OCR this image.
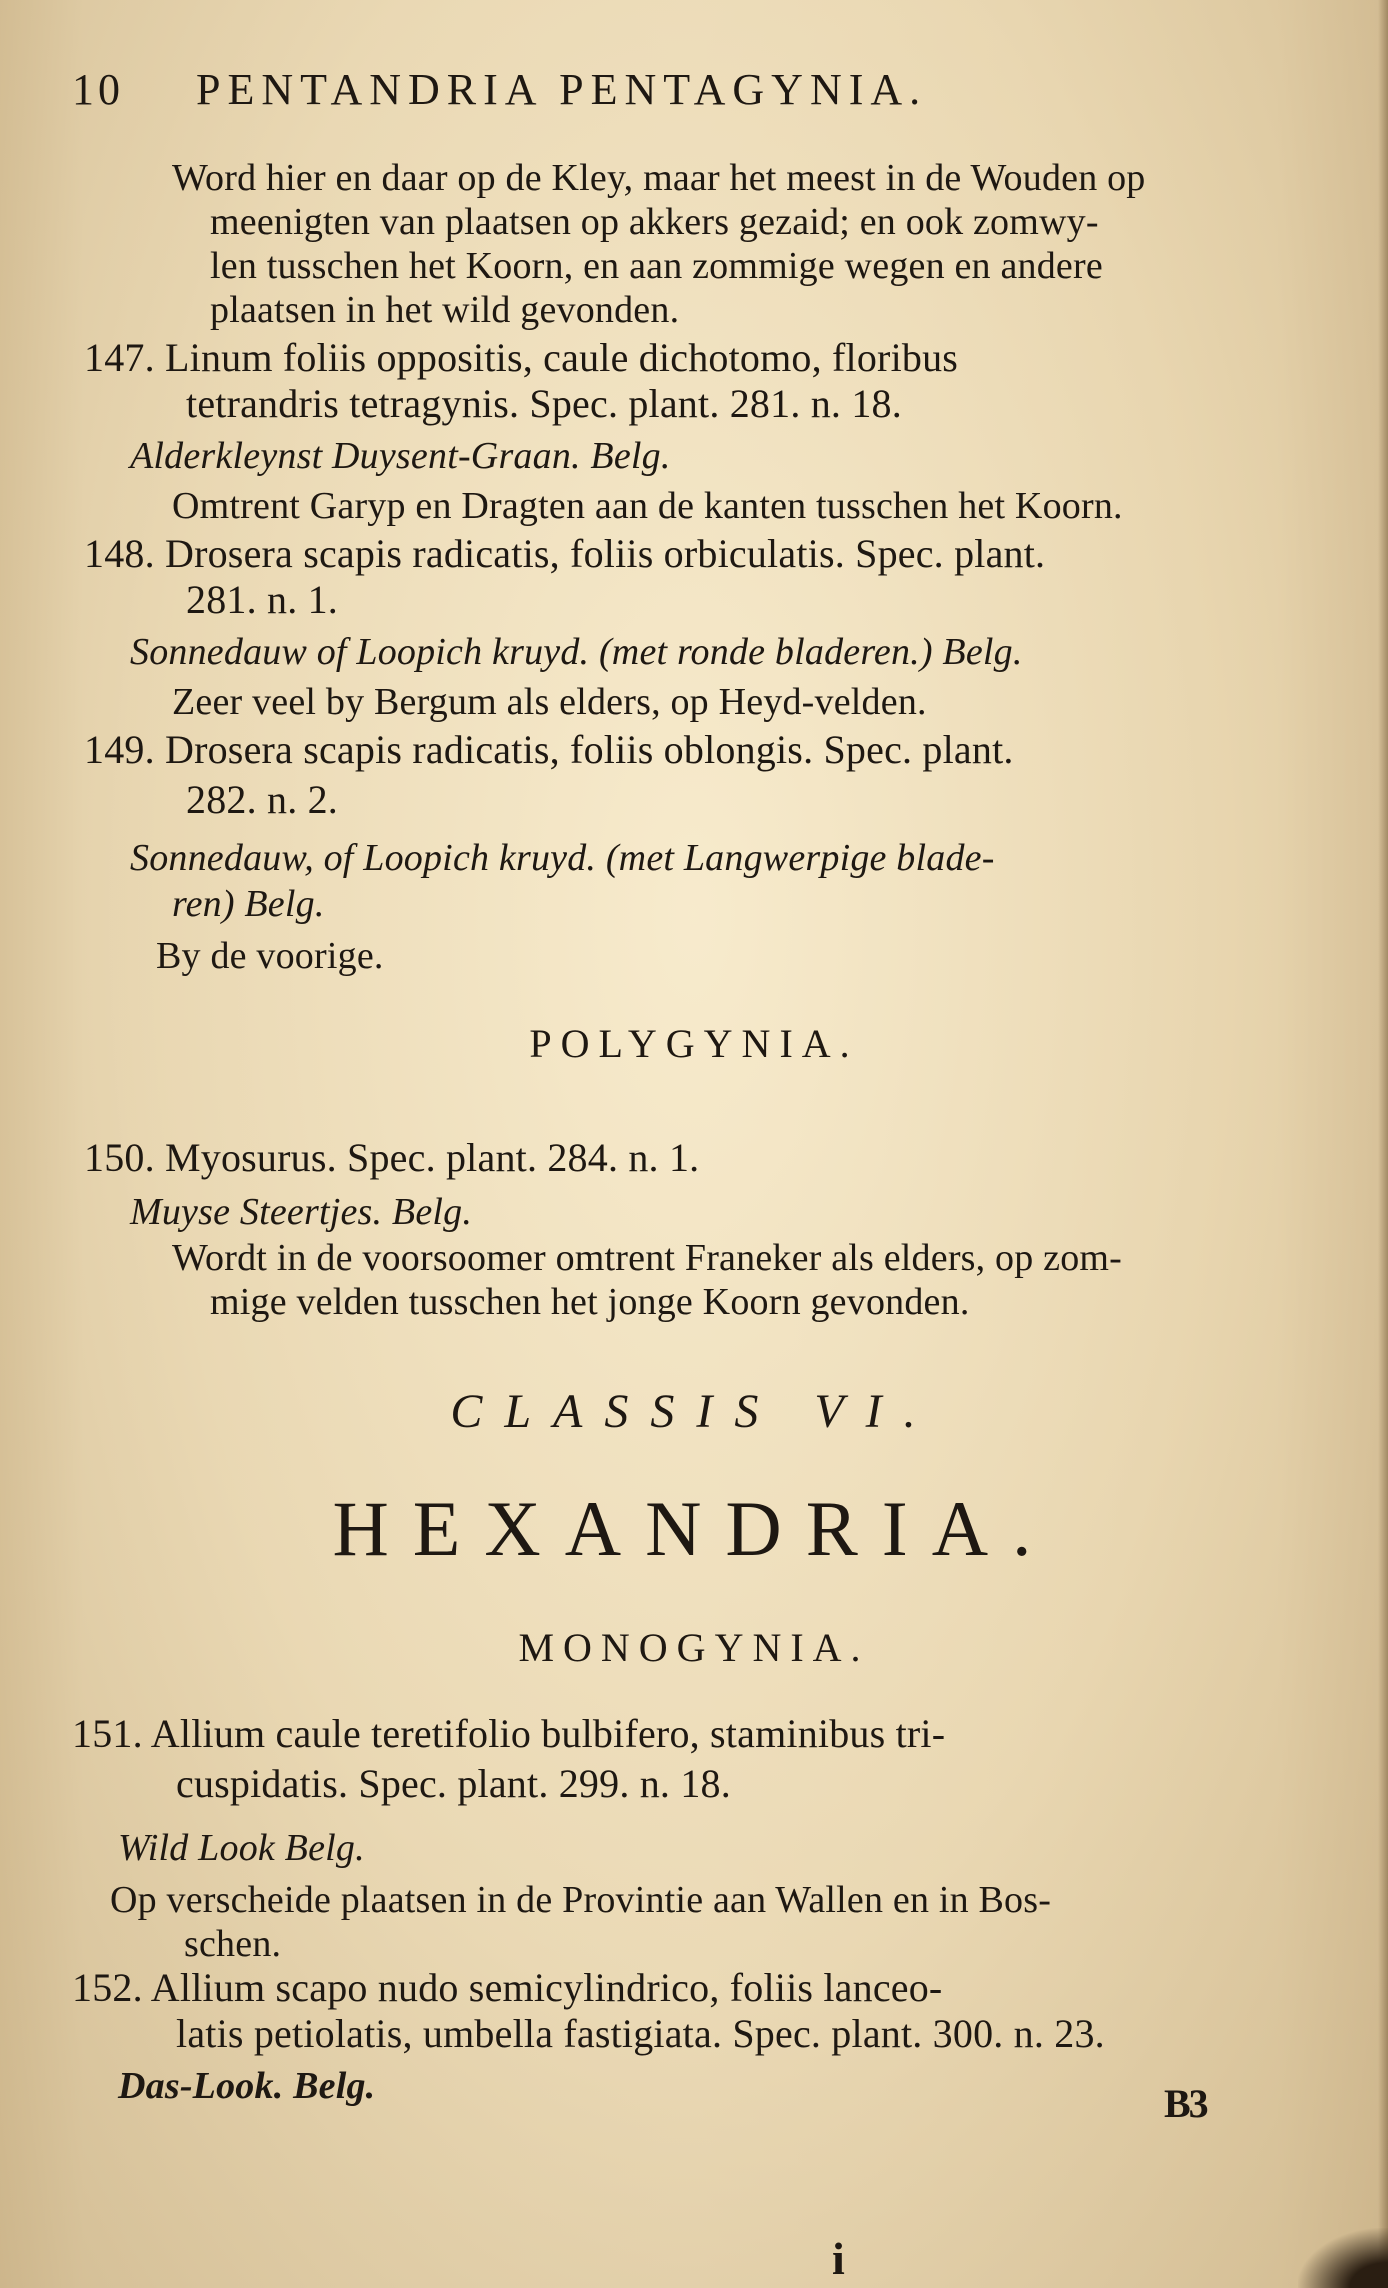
10 PENTANDRIA PENTAGYNIA.
Word hier en daar op de Kley, maar het meest in de Wouden op
meenigten van plaatsen op akkers gezaid; en ook zomwy-
len tusschen het Koorn, en aan zommige wegen en andere
plaatsen in het wild gevonden.
147. Linum foliis oppositis, caule dichotomo, floribus
tetrandris tetragynis. Spec. plant. 281. n. 18.
Alderkleynst Duysent-Graan. Belg.
Omtrent Garyp en Dragten aan de kanten tusschen het Koorn.
148. Drosera scapis radicatis, foliis orbiculatis. Spec. plant.
281. n. 1.
Sonnedauw of Loopich kruyd. (met ronde bladeren.) Belg.
Zeer veel by Bergum als elders, op Heyd-velden.
149. Drosera scapis radicatis, foliis oblongis. Spec. plant.
282. n. 2.
Sonnedauw, of Loopich kruyd. (met Langwerpige blade-
ren) Belg.
By de voorige.
POLYGYNIA.
150. Myosurus. Spec. plant. 284. n. 1.
Muyse Steertjes. Belg.
Wordt in de voorsoomer omtrent Franeker als elders, op zom-
mige velden tusschen het jonge Koorn gevonden.
CLASSIS VI.
HEXANDRIA.
MONOGYNIA.
151. Allium caule teretifolio bulbifero, staminibus tri-
cuspidatis. Spec. plant. 299. n. 18.
Wild Look Belg.
Op verscheide plaatsen in de Provintie aan Wallen en in Bos-
schen.
152. Allium scapo nudo semicylindrico, foliis lanceo-
latis petiolatis, umbella fastigiata. Spec. plant. 300. n. 23.
Das-Look. Belg.	B 3
i
